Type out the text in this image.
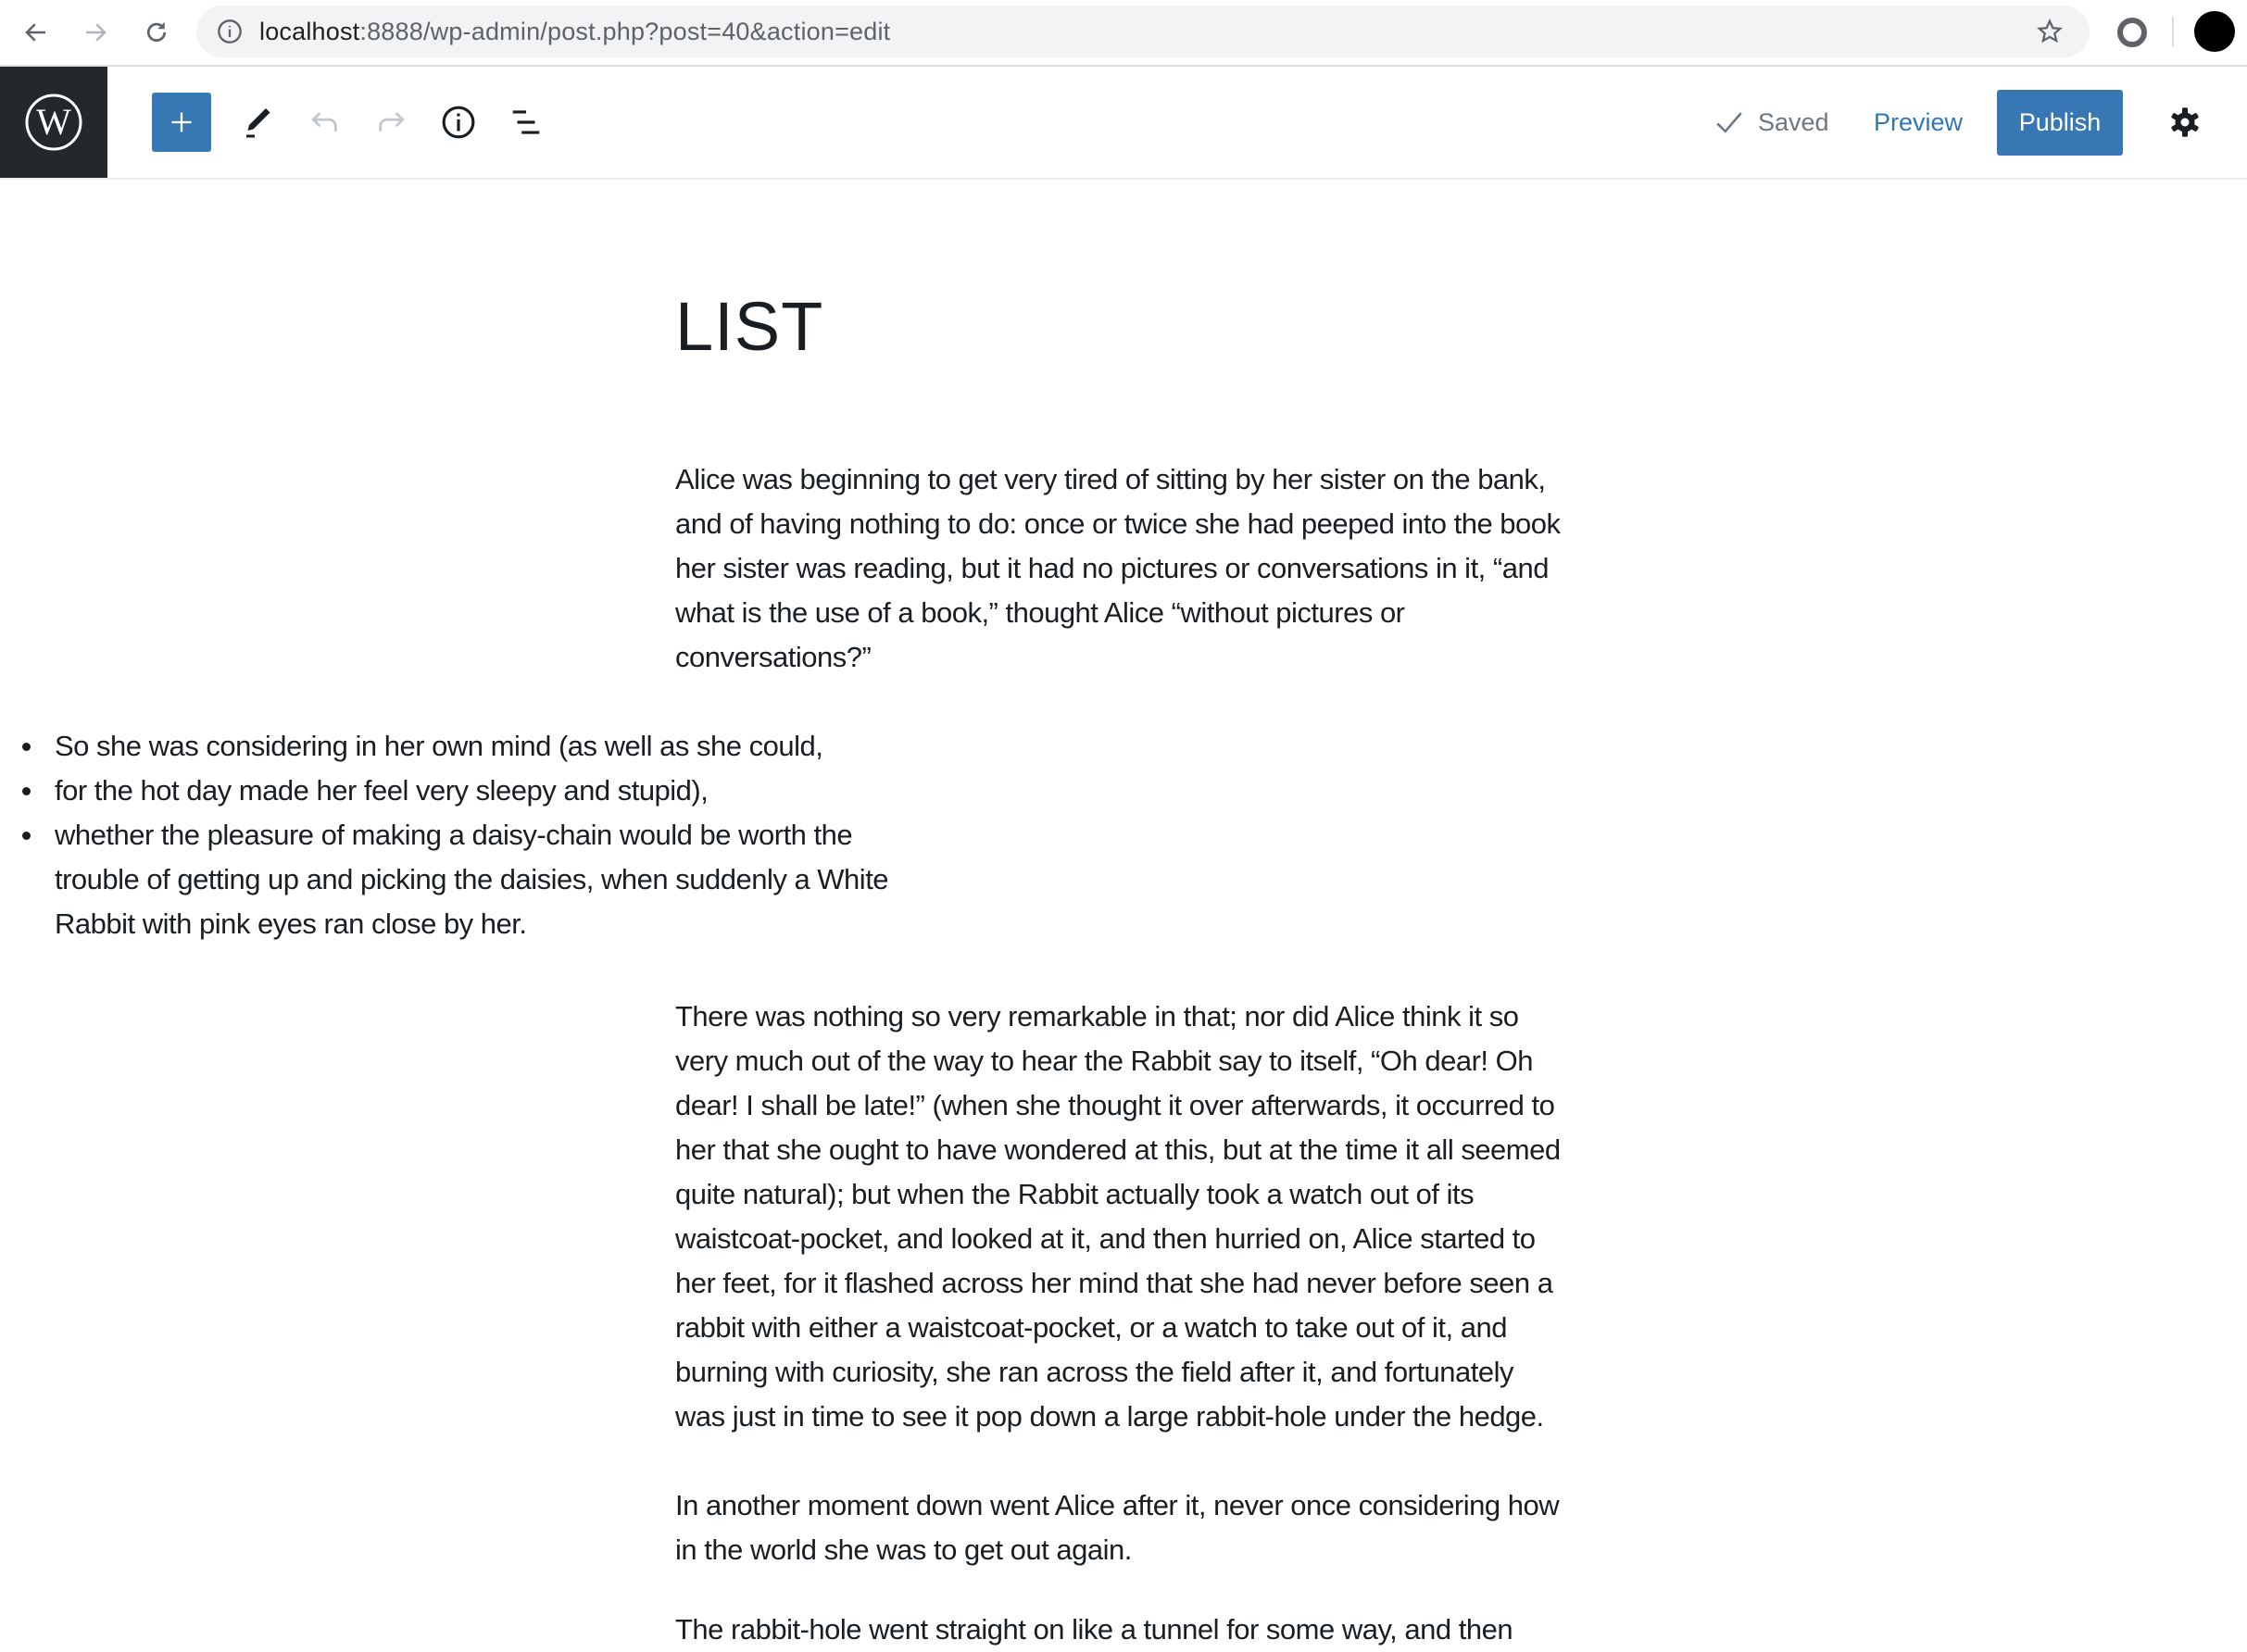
localhost:8888/wp-admin/post.php?post=40&action=edit
W	Saved Preview	Publish
LIST
Alice was beginning to get very tired of sitting by her sister on the bank,
and of having nothing to do: once or twice she had peeped into the book
her sister was reading, but it had no pictures or conversations in it, “and
what is the use of a book,” thought Alice “without pictures or
conversations?”
So she was considering in her own mind (as well as she could,
for the hot day made her feel very sleepy and stupid),
whether the pleasure of making a daisy-chain would be worth the
trouble of getting up and picking the daisies, when suddenly a White
Rabbit with pink eyes ran close by her.
There was nothing so very remarkable in that; nor did Alice think it so
very much out of the way to hear the Rabbit say to itself, “Oh dear! Oh
dear! I shall be late!” (when she thought it over afterwards, it occurred to
her that she ought to have wondered at this, but at the time it all seemed
quite natural); but when the Rabbit actually took a watch out of its
waistcoat-pocket, and looked at it, and then hurried on, Alice started to
her feet, for it flashed across her mind that she had never before seen a
rabbit with either a waistcoat-pocket, or a watch to take out of it, and
burning with curiosity, she ran across the field after it, and fortunately
was just in time to see it pop down a large rabbit-hole under the hedge.
In another moment down went Alice after it, never once considering how
in the world she was to get out again.
The rabbit-hole went straight on like a tunnel for some way, and then
